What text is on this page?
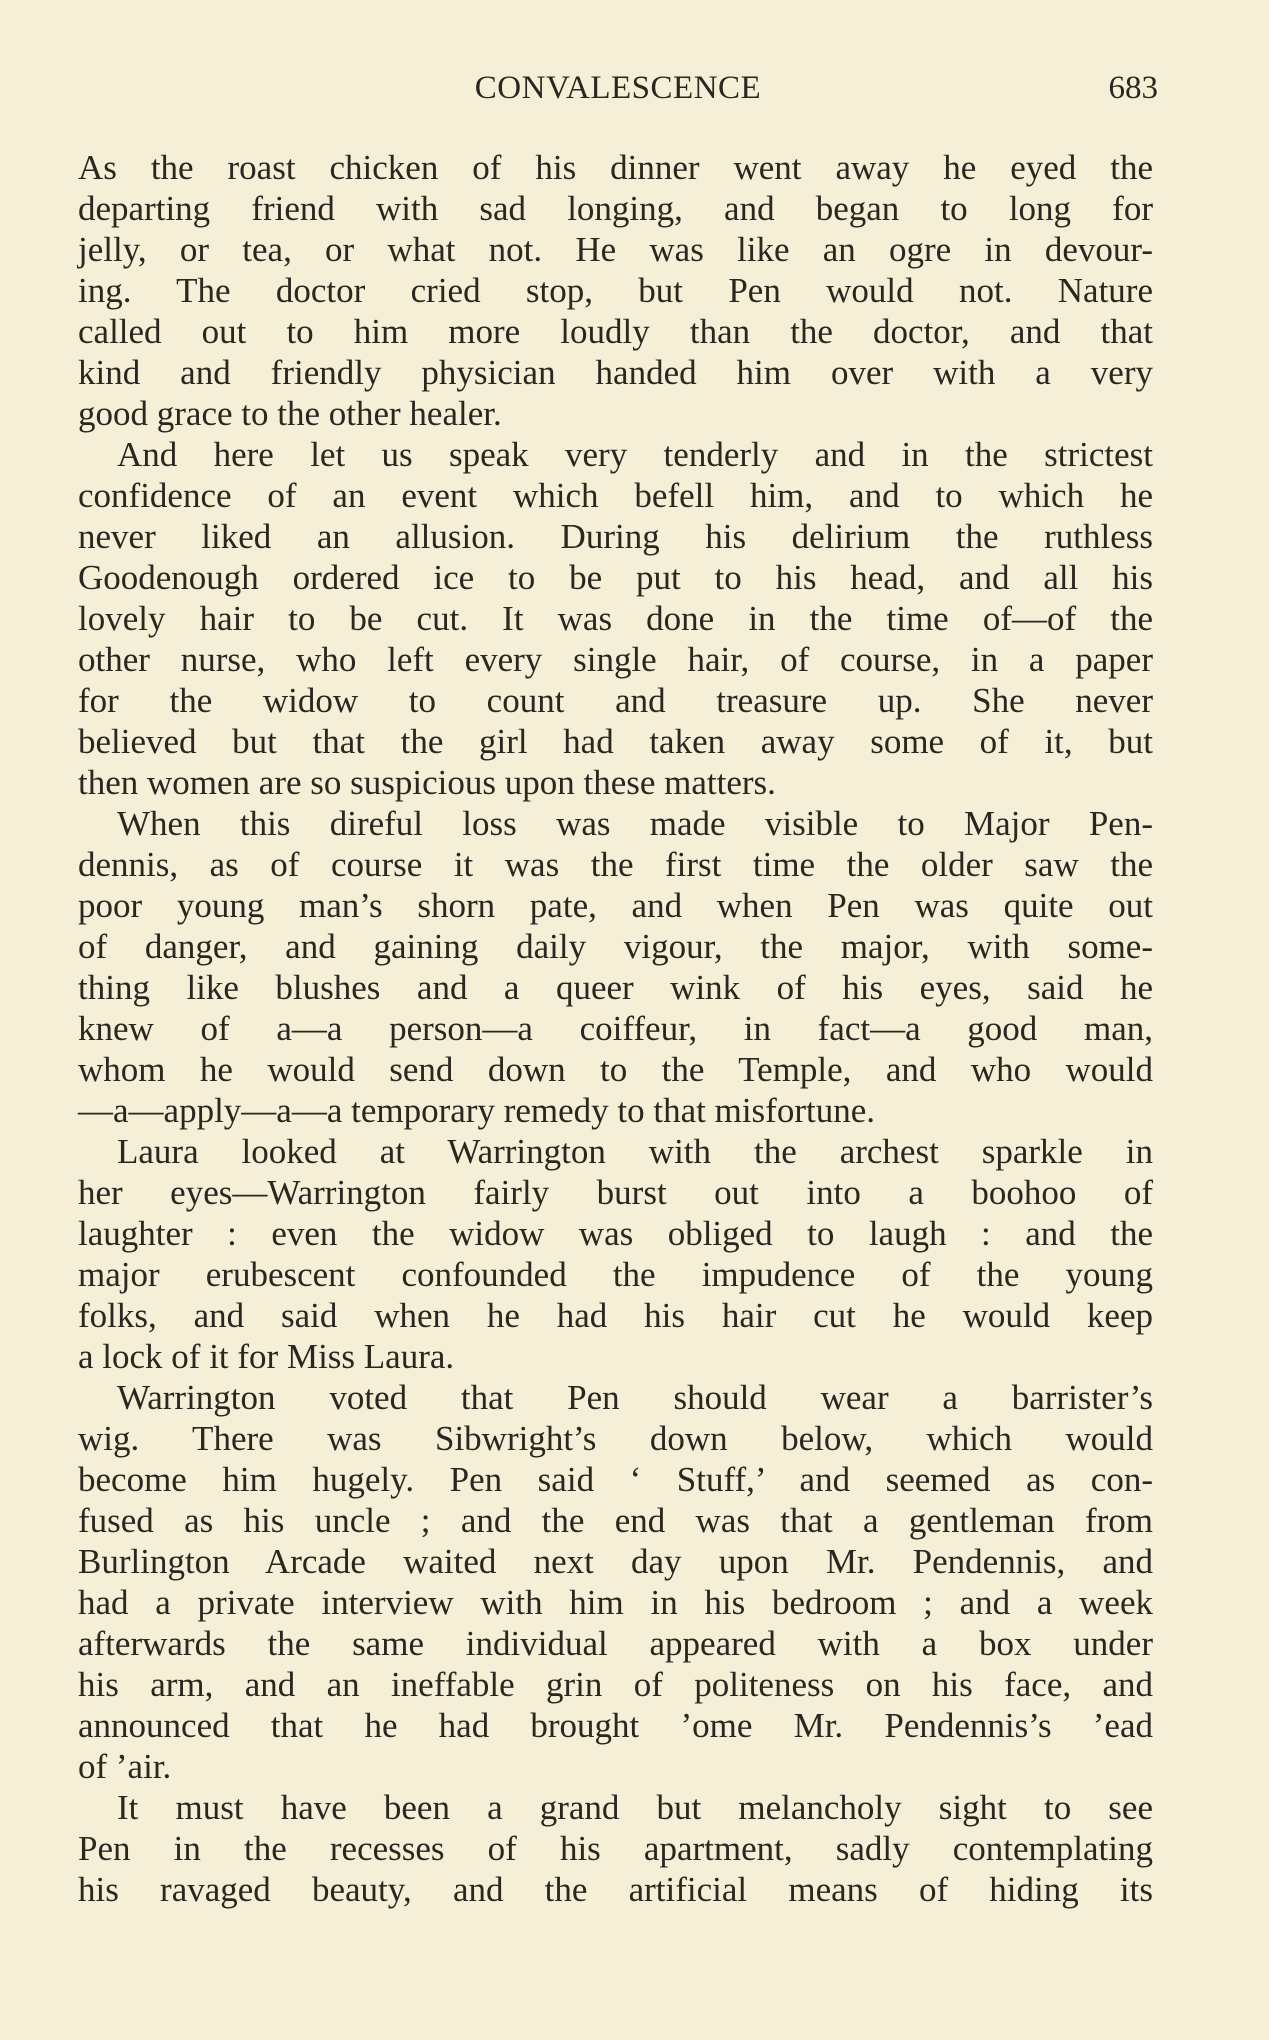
CONVALESCENCE	683
As the roast chicken of his dinner went away he eyed the
departing friend with sad longing, and began to long for
jelly, or tea, or what not. He was like an ogre in devour-
ing. The doctor cried stop, but Pen would not. Nature
called out to him more loudly than the doctor, and that
kind and friendly physician handed him over with a very
good grace to the other healer.
And here let us speak very tenderly and in the strictest
confidence of an event which befell him, and to which he
never liked an allusion. During his delirium the ruthless
Goodenough ordered ice to be put to his head, and all his
lovely hair to be cut. It was done in the time of—of the
other nurse, who left every single hair, of course, in a paper
for the widow to count and treasure up. She never
believed but that the girl had taken away some of it, but
then women are so suspicious upon these matters.
When this direful loss was made visible to Major Pen-
dennis, as of course it was the first time the older saw the
poor young man’s shorn pate, and when Pen was quite out
of danger, and gaining daily vigour, the major, with some-
thing like blushes and a queer wink of his eyes, said he
knew of a—a person—a coiffeur, in fact—a good man,
whom he would send down to the Temple, and who would
—a—apply—a—a temporary remedy to that misfortune.
Laura looked at Warrington with the archest sparkle in
her eyes—Warrington fairly burst out into a boohoo of
laughter : even the widow was obliged to laugh : and the
major erubescent confounded the impudence of the young
folks, and said when he had his hair cut he would keep
a lock of it for Miss Laura.
Warrington voted that Pen should wear a barrister’s
wig. There was Sibwright’s down below, which would
become him hugely. Pen said ‘ Stuff,’ and seemed as con-
fused as his uncle ; and the end was that a gentleman from
Burlington Arcade waited next day upon Mr. Pendennis, and
had a private interview with him in his bedroom ; and a week
afterwards the same individual appeared with a box under
his arm, and an ineffable grin of politeness on his face, and
announced that he had brought ’ome Mr. Pendennis’s ’ead
of ’air.
It must have been a grand but melancholy sight to see
Pen in the recesses of his apartment, sadly contemplating
his ravaged beauty, and the artificial means of hiding its
